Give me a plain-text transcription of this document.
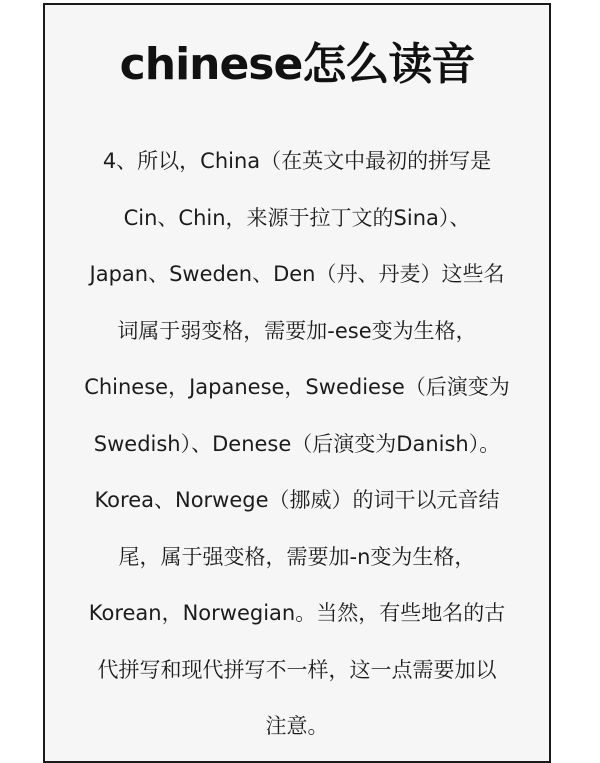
chinese怎么读音
4、所以，China（在英文中最初的拼写是
Cin、Chin，来源于拉丁文的Sina）、
Japan、Sweden、Den（丹、丹麦）这些名
词属于弱变格，需要加-ese变为生格，
Chinese，Japanese，Swediese（后演变为
Swedish）、Denese（后演变为Danish）。
Korea、Norwege（挪威）的词干以元音结
尾，属于强变格，需要加-n变为生格，
Korean，Norwegian。当然，有些地名的古
代拼写和现代拼写不一样，这一点需要加以
注意。
